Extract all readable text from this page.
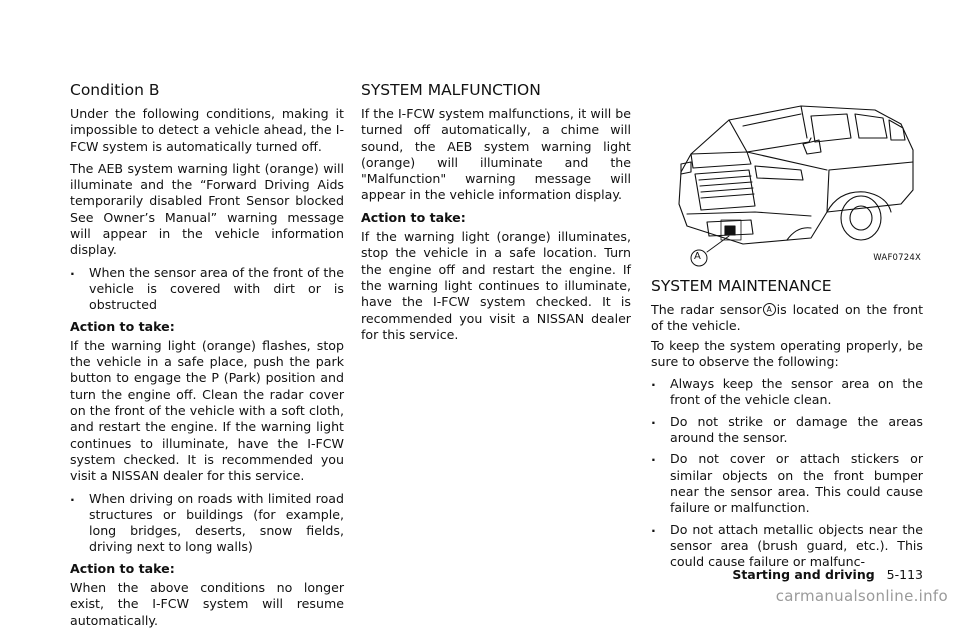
Condition B

Under the following conditions, making it impossible to detect a vehicle ahead, the I-FCW system is automatically turned off.

The AEB system warning light (orange) will illuminate and the “Forward Driving Aids temporarily disabled Front Sensor blocked See Owner’s Manual” warning message will appear in the vehicle information display.

. When the sensor area of the front of the vehicle is covered with dirt or is obstructed
Action to take:

If the warning light (orange) flashes, stop the vehicle in a safe place, push the park button to engage the P (Park) position and turn the engine off. Clean the radar cover on the front of the vehicle with a soft cloth, and restart the engine. If the warning light continues to illuminate, have the I-FCW system checked. It is recommended you visit a NISSAN dealer for this service.

. When driving on roads with limited road structures or buildings (for example, long bridges, deserts, snow fields, driving next to long walls)
Action to take:

When the above conditions no longer exist, the I-FCW system will resume automatically.

SYSTEM MALFUNCTION

If the I-FCW system malfunctions, it will be turned off automatically, a chime will sound, the AEB system warning light (orange) will illuminate and the "Malfunction" warning message will appear in the vehicle information display.

Action to take:

If the warning light (orange) illuminates, stop the vehicle in a safe location. Turn the engine off and restart the engine. If the warning light continues to illuminate, have the I-FCW system checked. It is recommended you visit a NISSAN dealer for this service.

A	WAF0724X
SYSTEM MAINTENANCE

The radar sensor A is located on the front of the vehicle.

To keep the system operating properly, be sure to observe the following:

. Always keep the sensor area on the front of the vehicle clean.
. Do not strike or damage the areas around the sensor.
. Do not cover or attach stickers or similar objects on the front bumper near the sensor area. This could cause failure or malfunction.
. Do not attach metallic objects near the sensor area (brush guard, etc.). This could cause failure or malfunc-
Starting and driving 5-113
carmanualsonline.info
